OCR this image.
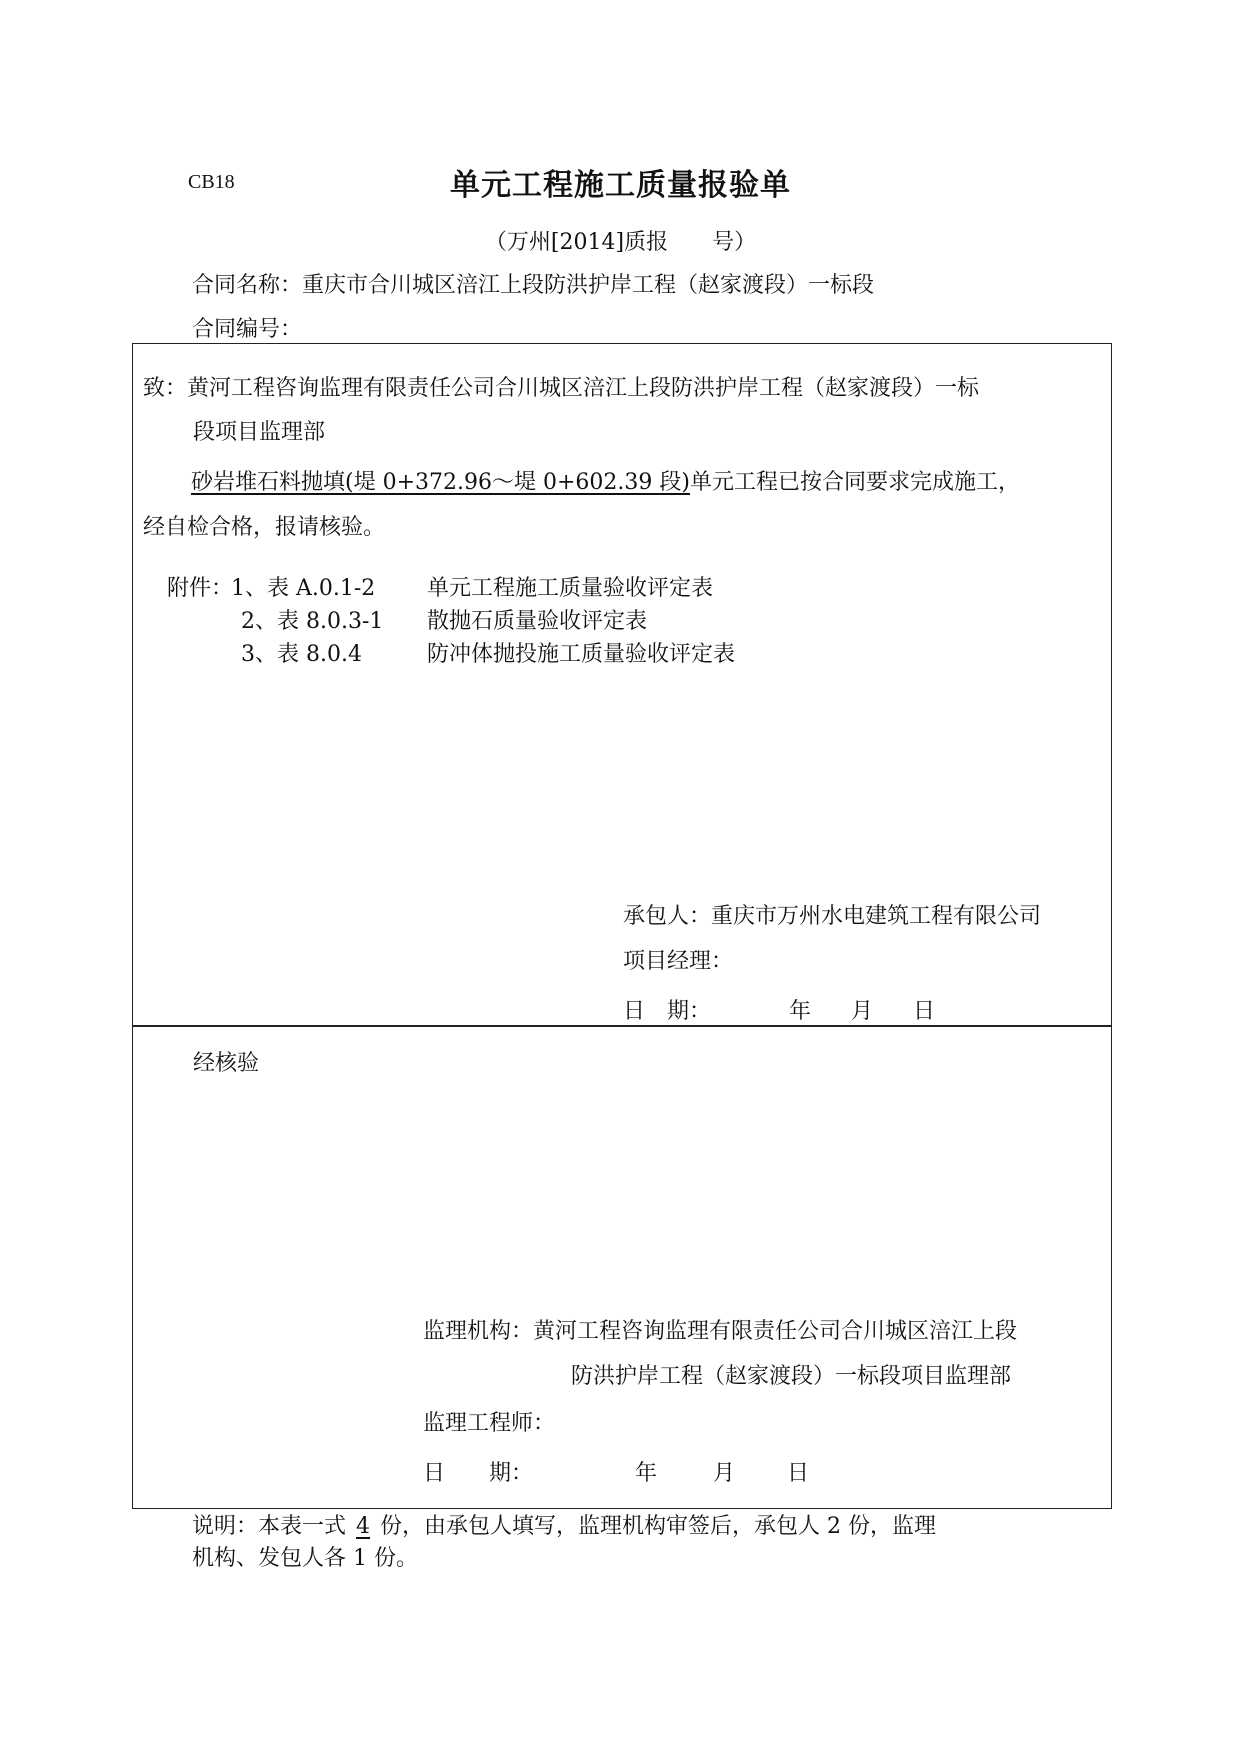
CB18	单元工程施工质量报验单
（万州[2014]质报　　号）
合同名称：重庆市合川城区涪江上段防洪护岸工程（赵家渡段）一标段
合同编号：
致：黄河工程咨询监理有限责任公司合川城区涪江上段防洪护岸工程（赵家渡段）一标
段项目监理部
砂岩堆石料抛填(堤 0+372.96～堤 0+602.39 段)单元工程已按合同要求完成施工，
经自检合格，报请核验。
附件：
1、表 A.0.1-2 单元工程施工质量验收评定表
2、表 8.0.3-1 散抛石质量验收评定表
3、表 8.0.4	防冲体抛投施工质量验收评定表
承包人：重庆市万州水电建筑工程有限公司
项目经理：
日　期：	年 月 日
经核验
监理机构：黄河工程咨询监理有限责任公司合川城区涪江上段
防洪护岸工程（赵家渡段）一标段项目监理部
监理工程师：
日　　期：	年	月 日
说明：本表一式 4 份，由承包人填写，监理机构审签后，承包人 2 份，监理
机构、发包人各 1 份。
